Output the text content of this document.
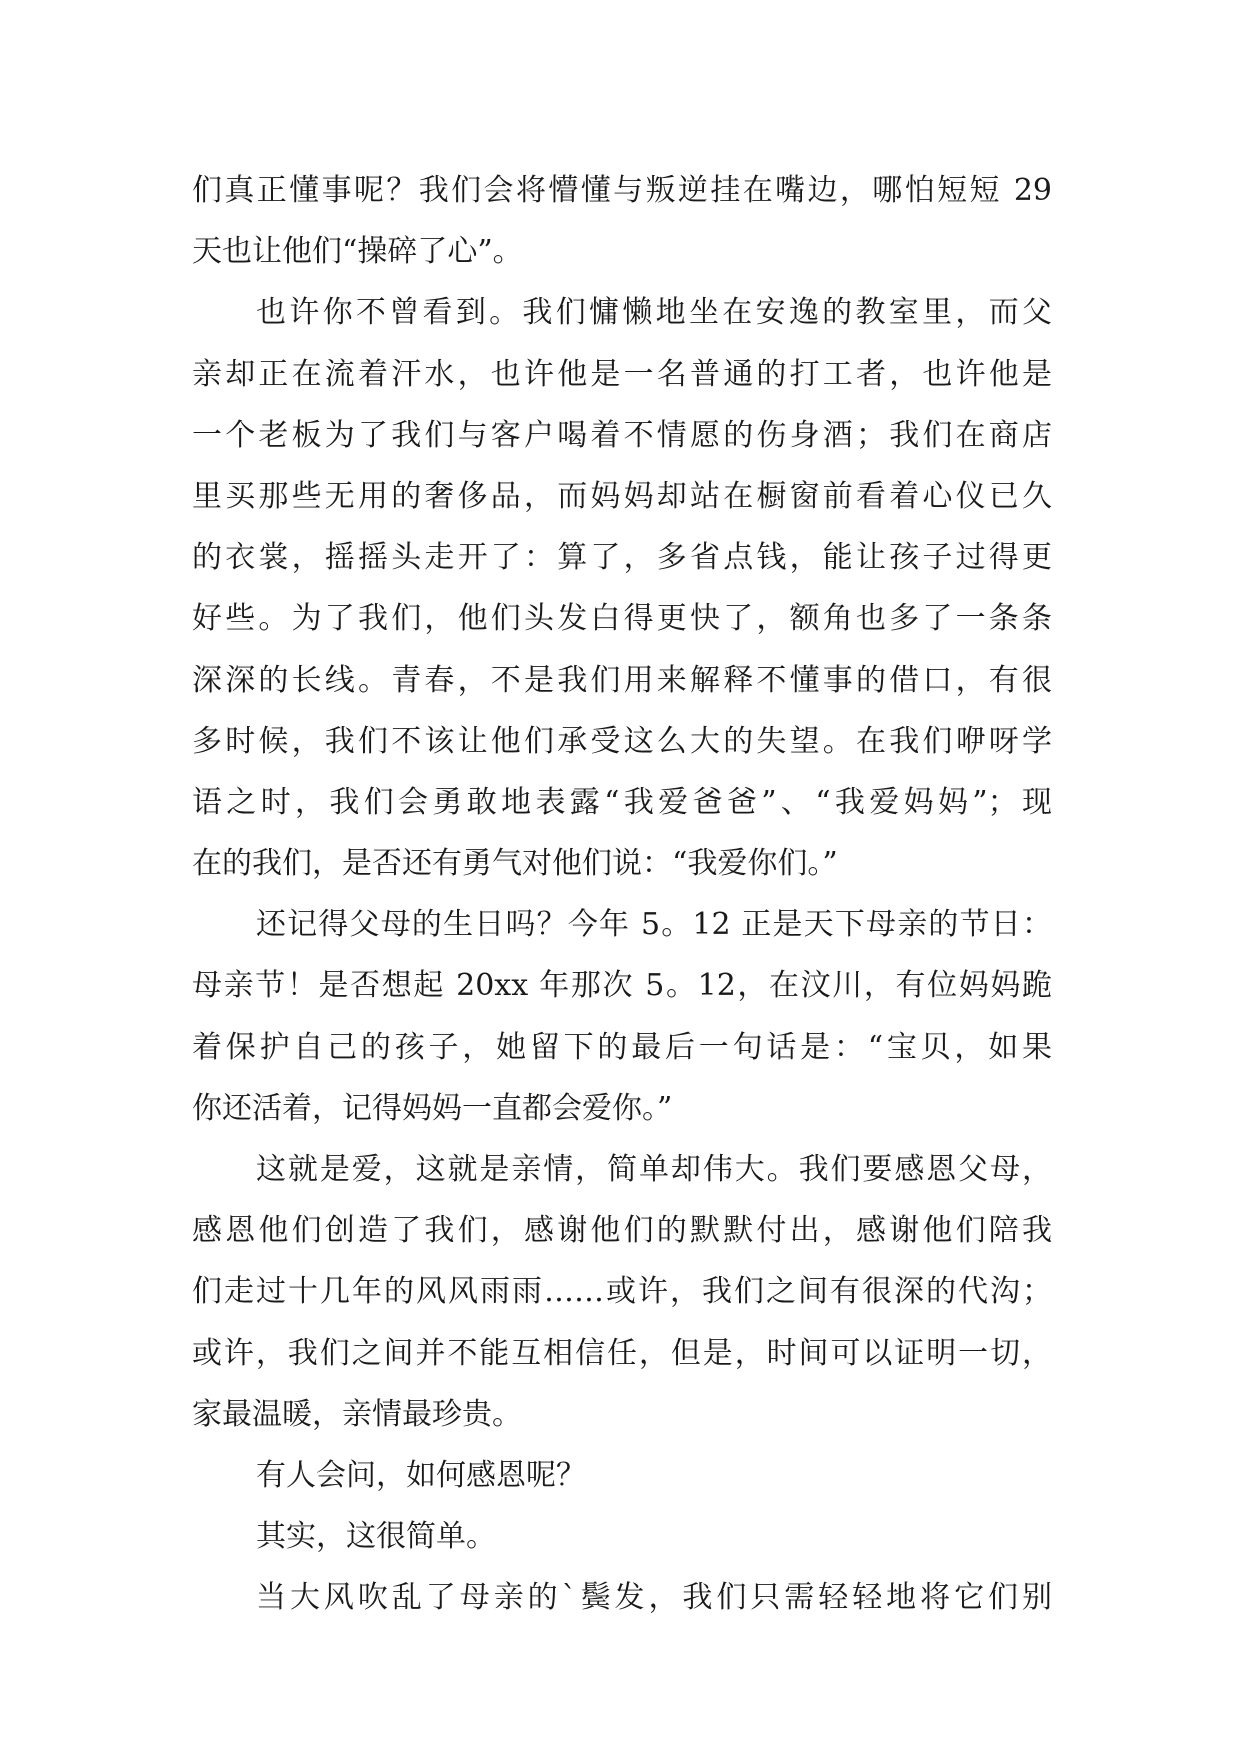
们真正懂事呢？我们会将懵懂与叛逆挂在嘴边，哪怕短短 29
天也让他们“操碎了心”。
也许你不曾看到。我们慵懒地坐在安逸的教室里，而父
亲却正在流着汗水，也许他是一名普通的打工者，也许他是
一个老板为了我们与客户喝着不情愿的伤身酒；我们在商店
里买那些无用的奢侈品，而妈妈却站在橱窗前看着心仪已久
的衣裳，摇摇头走开了：算了，多省点钱，能让孩子过得更
好些。为了我们，他们头发白得更快了，额角也多了一条条
深深的长线。青春，不是我们用来解释不懂事的借口，有很
多时候，我们不该让他们承受这么大的失望。在我们咿呀学
语之时，我们会勇敢地表露“我爱爸爸”、“我爱妈妈”；现
在的我们，是否还有勇气对他们说：“我爱你们。”
还记得父母的生日吗？今年 5。12 正是天下母亲的节日：
母亲节！是否想起 20xx 年那次 5。12，在汶川，有位妈妈跪
着保护自己的孩子，她留下的最后一句话是：“宝贝，如果
你还活着，记得妈妈一直都会爱你。”
这就是爱，这就是亲情，简单却伟大。我们要感恩父母，
感恩他们创造了我们，感谢他们的默默付出，感谢他们陪我
们走过十几年的风风雨雨……或许，我们之间有很深的代沟；
或许，我们之间并不能互相信任，但是，时间可以证明一切，
家最温暖，亲情最珍贵。
有人会问，如何感恩呢？
其实，这很简单。
当大风吹乱了母亲的`鬓发，我们只需轻轻地将它们别
